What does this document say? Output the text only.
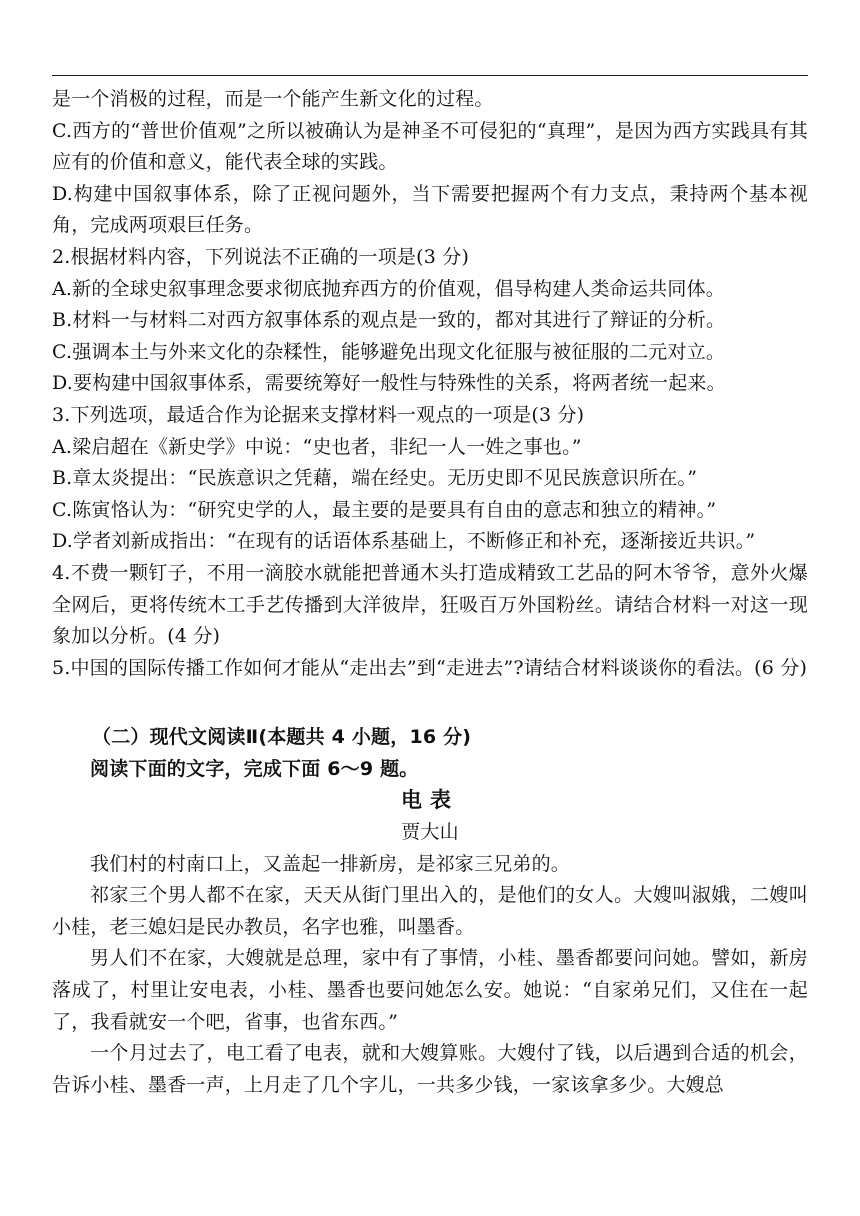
是一个消极的过程，而是一个能产生新文化的过程。

C.西方的“普世价值观”之所以被确认为是神圣不可侵犯的“真理”，是因为西方实践具有其应有的价值和意义，能代表全球的实践。

D.构建中国叙事体系，除了正视问题外，当下需要把握两个有力支点，秉持两个基本视角，完成两项艰巨任务。

2.根据材料内容，下列说法不正确的一项是(3 分)

A.新的全球史叙事理念要求彻底抛弃西方的价值观，倡导构建人类命运共同体。

B.材料一与材料二对西方叙事体系的观点是一致的，都对其进行了辩证的分析。

C.强调本土与外来文化的杂糅性，能够避免出现文化征服与被征服的二元对立。

D.要构建中国叙事体系，需要统筹好一般性与特殊性的关系，将两者统一起来。

3.下列选项，最适合作为论据来支撑材料一观点的一项是(3 分)

A.梁启超在《新史学》中说：“史也者，非纪一人一姓之事也。”

B.章太炎提出：“民族意识之凭藉，端在经史。无历史即不见民族意识所在。”

C.陈寅恪认为：“研究史学的人，最主要的是要具有自由的意志和独立的精神。”

D.学者刘新成指出：“在现有的话语体系基础上，不断修正和补充，逐渐接近共识。”

4.不费一颗钉子，不用一滴胶水就能把普通木头打造成精致工艺品的阿木爷爷，意外火爆全网后，更将传统木工手艺传播到大洋彼岸，狂吸百万外国粉丝。请结合材料一对这一现象加以分析。(4 分)

5.中国的国际传播工作如何才能从“走出去”到“走进去”?请结合材料谈谈你的看法。(6 分)

（二）现代文阅读Ⅱ(本题共 4 小题，16 分)

阅读下面的文字，完成下面 6～9 题。

电表

贾大山

我们村的村南口上，又盖起一排新房，是祁家三兄弟的。

祁家三个男人都不在家，天天从街门里出入的，是他们的女人。大嫂叫淑娥，二嫂叫小桂，老三媳妇是民办教员，名字也雅，叫墨香。

男人们不在家，大嫂就是总理，家中有了事情，小桂、墨香都要问问她。譬如，新房落成了，村里让安电表，小桂、墨香也要问她怎么安。她说：“自家弟兄们，又住在一起了，我看就安一个吧，省事，也省东西。”

一个月过去了，电工看了电表，就和大嫂算账。大嫂付了钱，以后遇到合适的机会，告诉小桂、墨香一声，上月走了几个字儿，一共多少钱，一家该拿多少。大嫂总
